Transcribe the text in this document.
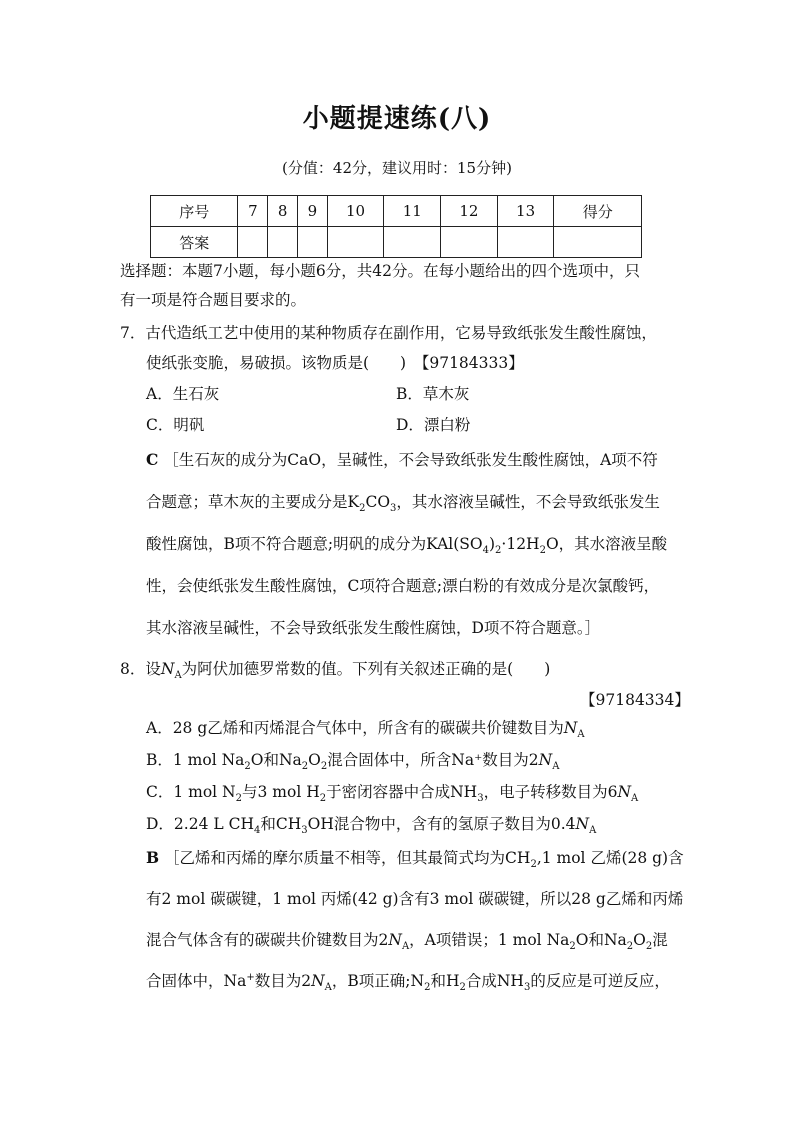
小题提速练(八)
(分值：42分，建议用时：15分钟)
序号	7	8	9	10	11	12	13	得分
答案								
选择题：本题7小题，每小题6分，共42分。在每小题给出的四个选项中，只
有一项是符合题目要求的。
7．古代造纸工艺中使用的某种物质存在副作用，它易导致纸张发生酸性腐蚀，
使纸张变脆，易破损。该物质是(　　)　【97184333】
A．生石灰	B．草木灰
C．明矾	D．漂白粉
C ［生石灰的成分为CaO，呈碱性，不会导致纸张发生酸性腐蚀，A项不符
合题意；草木灰的主要成分是$K_2CO_3$，其水溶液呈碱性，不会导致纸张发生
酸性腐蚀，B项不符合题意;明矾的成分为$KAl(SO_4)_2\cdot 12H_2O$，其水溶液呈酸
性，会使纸张发生酸性腐蚀，C项符合题意;漂白粉的有效成分是次氯酸钙，
其水溶液呈碱性，不会导致纸张发生酸性腐蚀，D项不符合题意。］
8．设$N_A$为阿伏加德罗常数的值。下列有关叙述正确的是(　　)
【97184334】
A．28 g乙烯和丙烯混合气体中，所含有的碳碳共价键数目为$N_A$
B．1 mol $Na_2O$和$Na_2O_2$混合固体中，所含Na⁺数目为$2N_A$
C．1 mol $N_2$与3 mol $H_2$于密闭容器中合成$NH_3$，电子转移数目为$6N_A$
D．2.24 L $CH_4$和$CH_3OH$混合物中，含有的氢原子数目为$0.4N_A$
B ［乙烯和丙烯的摩尔质量不相等，但其最简式均为$CH_2,1$ mol 乙烯(28 g)含
有2 mol 碳碳键，1 mol 丙烯(42 g)含有3 mol 碳碳键，所以28 g乙烯和丙烯
混合气体含有的碳碳共价键数目为$2N_A$，A项错误；1 mol $Na_2O$和$Na_2O_2$混
合固体中，Na+数目为$2N_A$，B项正确$;N_2$和$H_2$合成$NH_3$的反应是可逆反应，
